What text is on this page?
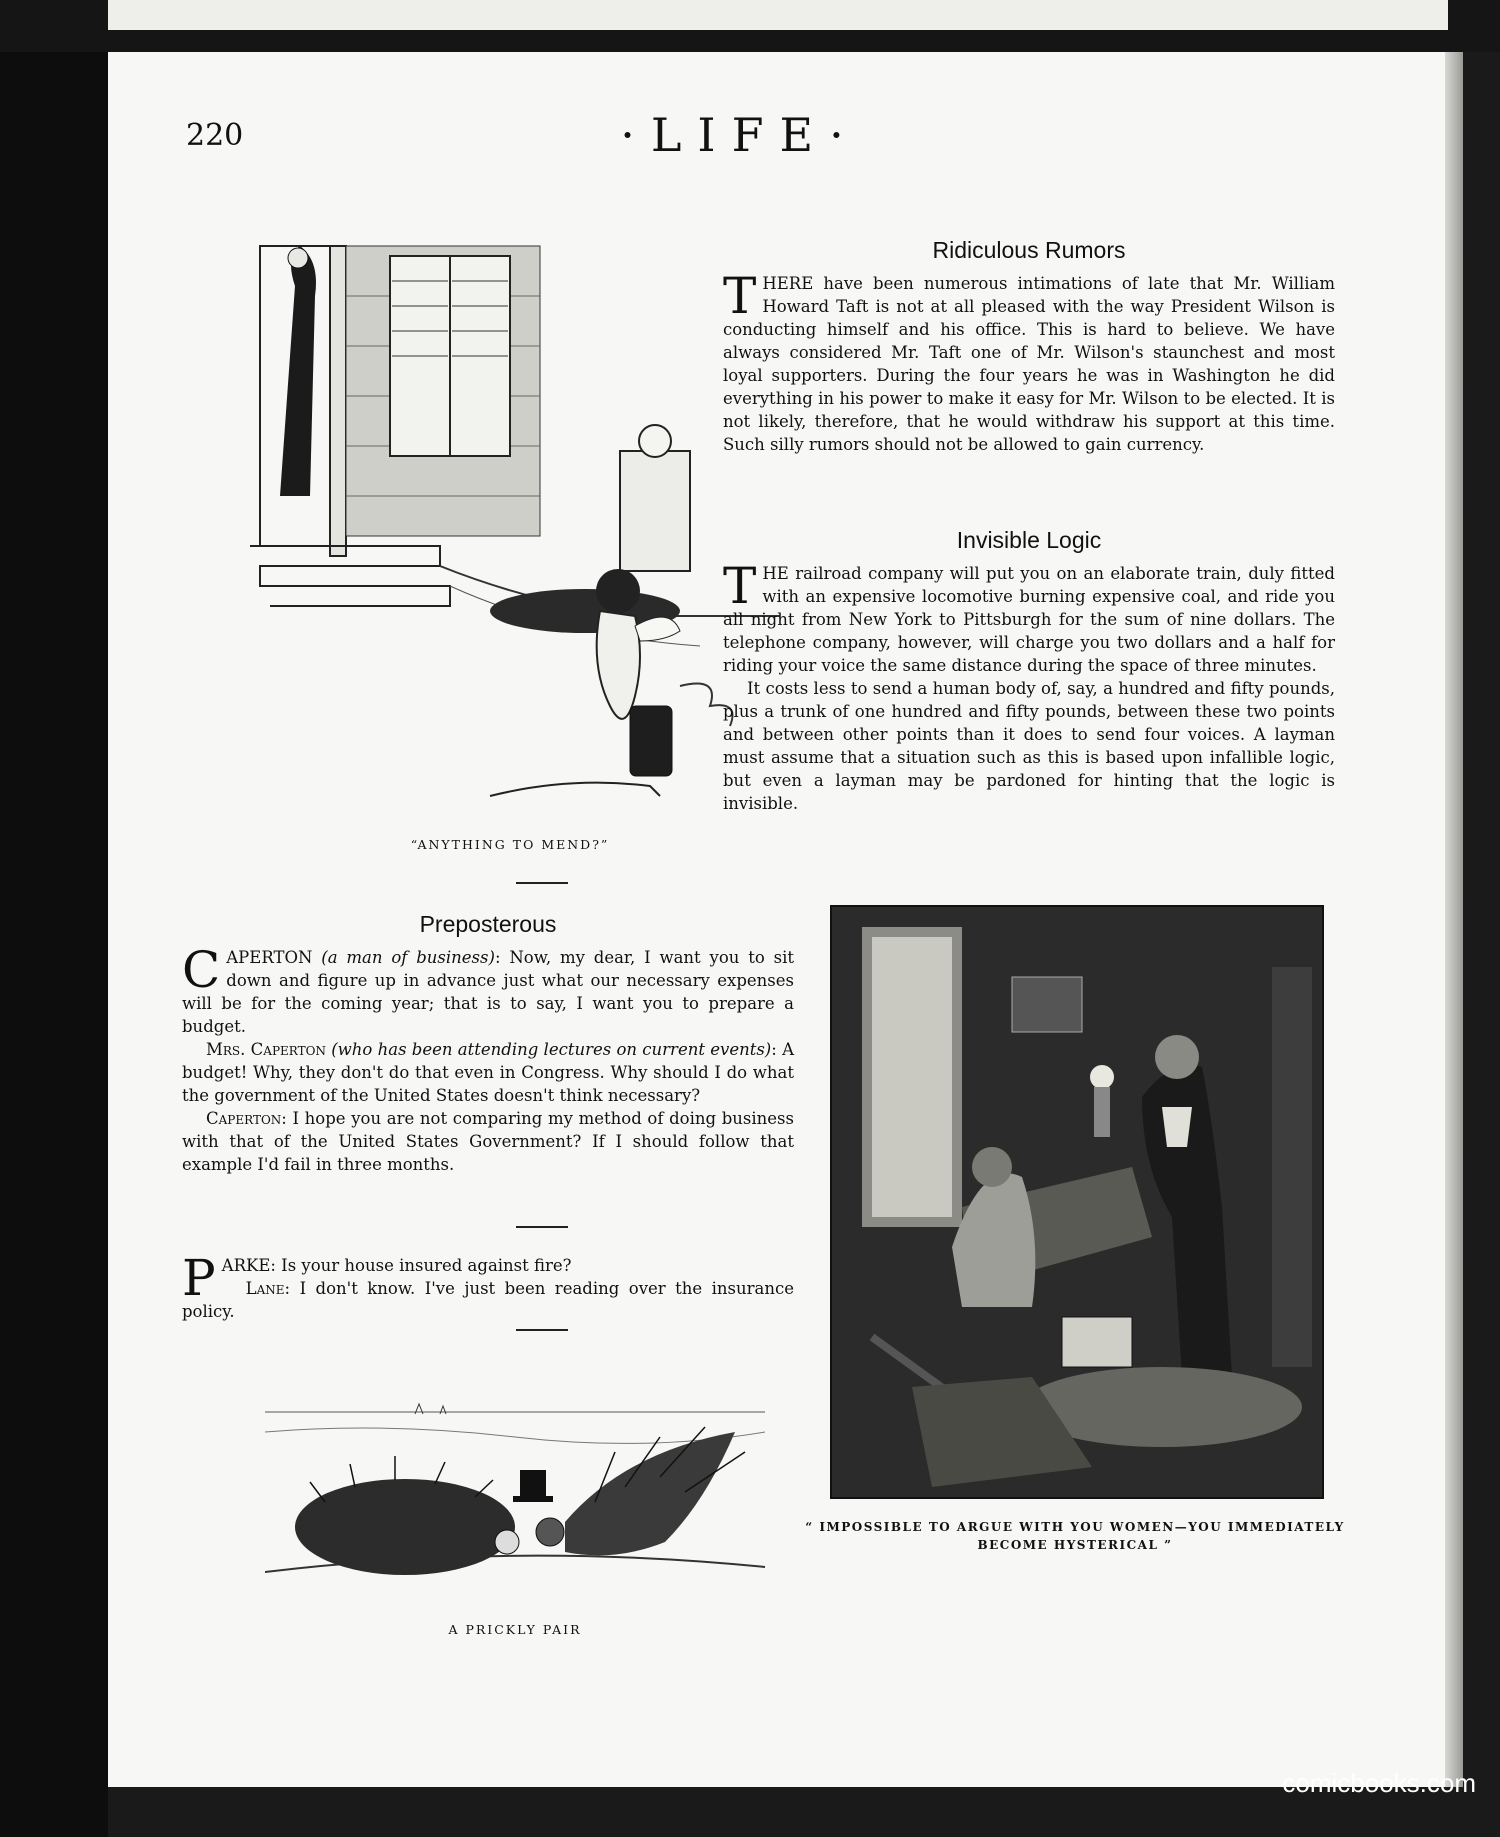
220	·LIFE·
“ANYTHING TO MEND?”
Preposterous

CAPERTON (a man of business): Now, my dear, I want you to sit down and figure up in advance just what our necessary expenses will be for the coming year; that is to say, I want you to prepare a budget.

Mrs. Caperton (who has been attending lectures on current events): A budget! Why, they don't do that even in Congress. Why should I do what the government of the United States doesn't think necessary?

Caperton: I hope you are not comparing my method of doing business with that of the United States Government? If I should follow that example I'd fail in three months.

PARKE: Is your house insured against fire?

Lane: I don't know. I've just been reading over the insurance policy.

A PRICKLY PAIR
Ridiculous Rumors

THERE have been numerous intimations of late that Mr. William Howard Taft is not at all pleased with the way President Wilson is conducting himself and his office. This is hard to believe. We have always considered Mr. Taft one of Mr. Wilson's staunchest and most loyal supporters. During the four years he was in Washington he did everything in his power to make it easy for Mr. Wilson to be elected. It is not likely, therefore, that he would withdraw his support at this time. Such silly rumors should not be allowed to gain currency.

Invisible Logic

THE railroad company will put you on an elaborate train, duly fitted with an expensive locomotive burning expensive coal, and ride you all night from New York to Pittsburgh for the sum of nine dollars. The telephone company, however, will charge you two dollars and a half for riding your voice the same distance during the space of three minutes.

It costs less to send a human body of, say, a hundred and fifty pounds, plus a trunk of one hundred and fifty pounds, between these two points and between other points than it does to send four voices. A layman must assume that a situation such as this is based upon infallible logic, but even a layman may be pardoned for hinting that the logic is invisible.

“ IMPOSSIBLE TO ARGUE WITH YOU WOMEN—YOU IMMEDIATELY
BECOME HYSTERICAL ”
comicbooks.com
